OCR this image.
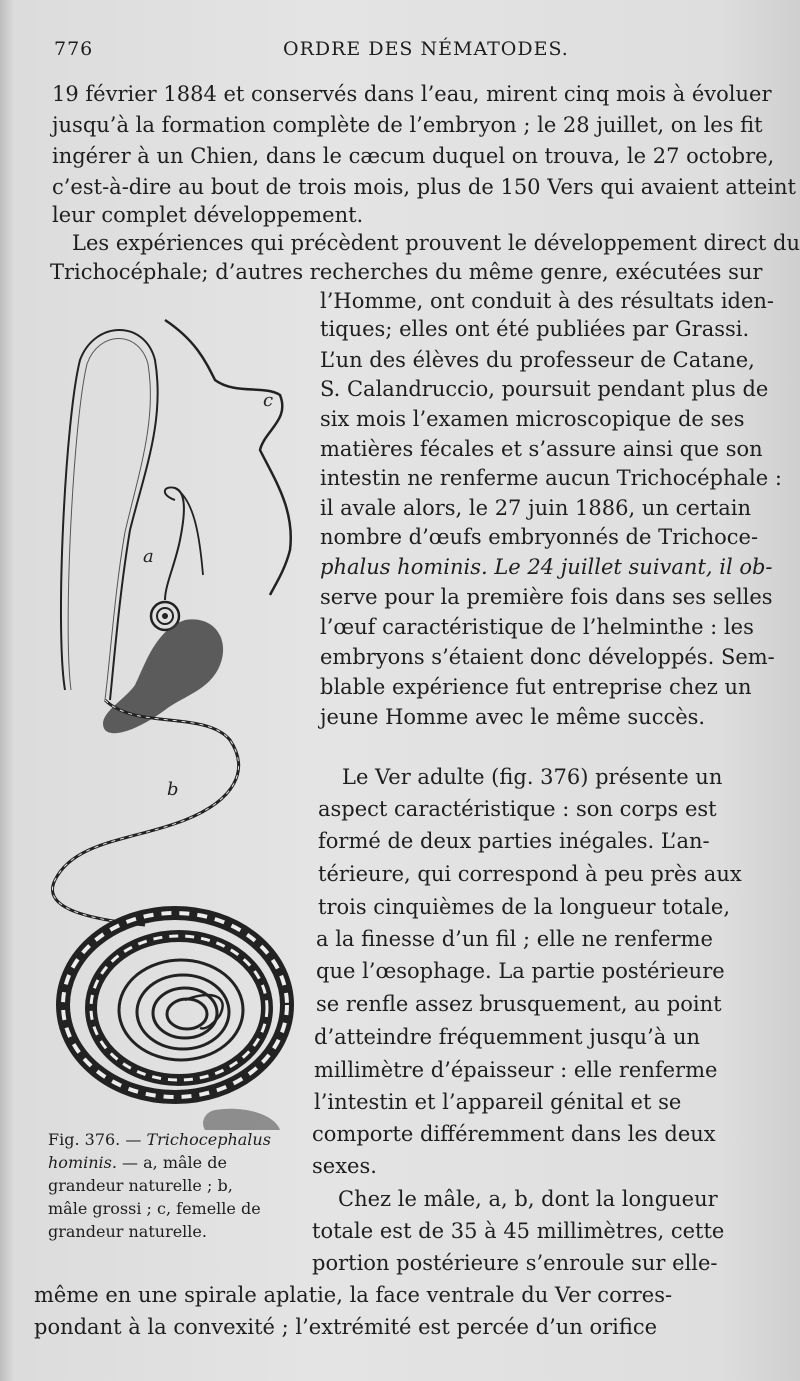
776	ORDRE DES NÉMATODES.
19 février 1884 et conservés dans l’eau, mirent cinq mois à évoluer
jusqu’à la formation complète de l’embryon ; le 28 juillet, on les fit
ingérer à un Chien, dans le cæcum duquel on trouva, le 27 octobre,
c’est-à-dire au bout de trois mois, plus de 150 Vers qui avaient atteint
leur complet développement.
Les expériences qui précèdent prouvent le développement direct du
Trichocéphale; d’autres recherches du même genre, exécutées sur
l’Homme, ont conduit à des résultats iden-
tiques; elles ont été publiées par Grassi.
L’un des élèves du professeur de Catane,
S. Calandruccio, poursuit pendant plus de
six mois l’examen microscopique de ses
matières fécales et s’assure ainsi que son
intestin ne renferme aucun Trichocéphale :
il avale alors, le 27 juin 1886, un certain
nombre d’œufs embryonnés de Trichoce-
phalus hominis. Le 24 juillet suivant, il ob-
serve pour la première fois dans ses selles
l’œuf caractéristique de l’helminthe : les
embryons s’étaient donc développés. Sem-
blable expérience fut entreprise chez un
jeune Homme avec le même succès.
Le Ver adulte (fig. 376) présente un
aspect caractéristique : son corps est
formé de deux parties inégales. L’an-
térieure, qui correspond à peu près aux
trois cinquièmes de la longueur totale,
a la finesse d’un fil ; elle ne renferme
que l’œsophage. La partie postérieure
se renfle assez brusquement, au point
d’atteindre fréquemment jusqu’à un
millimètre d’épaisseur : elle renferme
l’intestin et l’appareil génital et se
comporte différemment dans les deux
sexes.
Chez le mâle, a, b, dont la longueur
totale est de 35 à 45 millimètres, cette
portion postérieure s’enroule sur elle-
même en une spirale aplatie, la face ventrale du Ver corres-
pondant à la convexité ; l’extrémité est percée d’un orifice
c
a
b
Fig. 376. — Trichocephalus
hominis. — a, mâle de
grandeur naturelle ; b,
mâle grossi ; c, femelle de
grandeur naturelle.
